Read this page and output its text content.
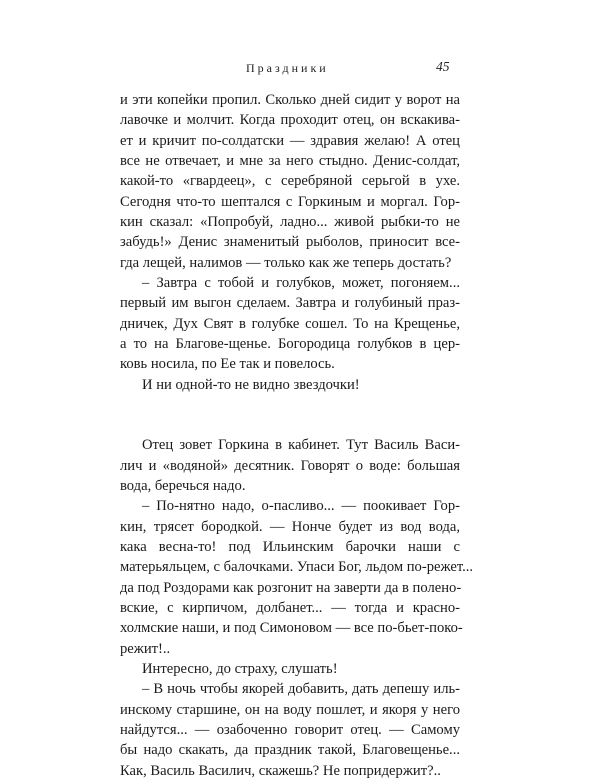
Праздники	45
и эти копейки пропил. Сколько дней сидит у ворот на
лавочке и молчит. Когда проходит отец, он вскакива-
ет и кричит по-солдатски — здравия желаю! А отец
все не отвечает, и мне за него стыдно. Денис-солдат,
какой-то «гвардеец», с серебряной серьгой в ухе.
Сегодня что-то шептался с Горкиным и моргал. Гор-
кин сказал: «Попробуй, ладно... живой рыбки-то не
забудь!» Денис знаменитый рыболов, приносит все-
гда лещей, налимов — только как же теперь достать?
– Завтра с тобой и голубков, может, погоняем...
первый им выгон сделаем. Завтра и голубиный праз-
дничек, Дух Свят в голубке сошел. То на Крещенье,
а то на Благове-щенье. Богородица голубков в цер-
ковь носила, по Ее так и повелось.
И ни одной-то не видно звездочки!
Отец зовет Горкина в кабинет. Тут Василь Васи-
лич и «водяной» десятник. Говорят о воде: большая
вода, беречься надо.
– По-нятно надо, о-пасливо... — поокивает Гор-
кин, трясет бородкой. — Нонче будет из вод вода,
кака весна-то! под Ильинским барочки наши с
матерьяльцем, с балочками. Упаси Бог, льдом по-режет...
да под Роздорами как розгонит на заверти да в полено-
вские, с кирпичом, долбанет... — тогда и красно-
холмские наши, и под Симоновом — все по-бьет-поко-
режит!..
Интересно, до страху, слушать!
– В ночь чтобы якорей добавить, дать депешу иль-
инскому старшине, он на воду пошлет, и якоря у него
найдутся... — озабоченно говорит отец. — Самому
бы надо скакать, да праздник такой, Благовещенье...
Как, Василь Василич, скажешь? Не попридержит?..
